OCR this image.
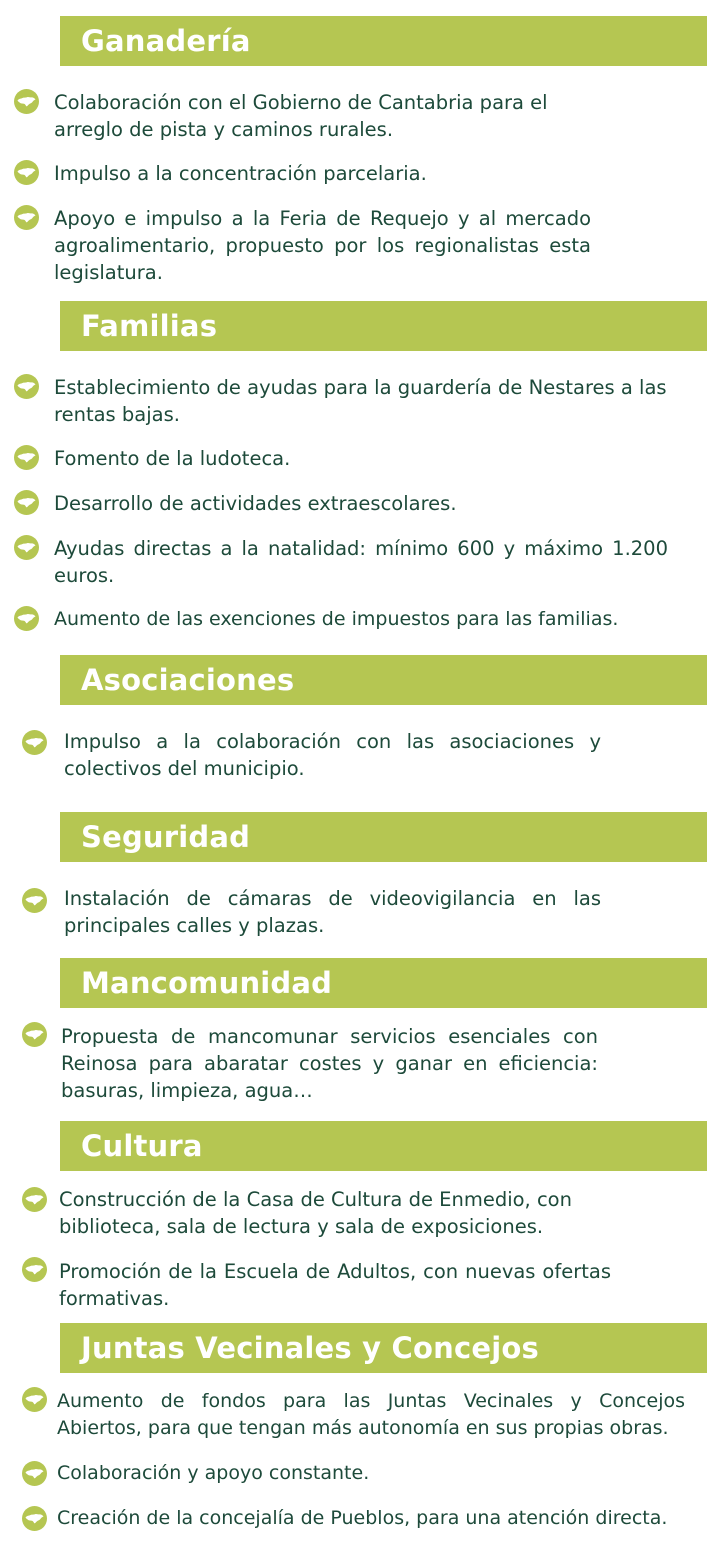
Ganadería
Familias
Asociaciones
Seguridad
Mancomunidad
Cultura
Juntas Vecinales y Concejos
Colaboración con el Gobierno de Cantabria para el arreglo de pista y caminos rurales.
Impulso a la concentración parcelaria.
Apoyo e impulso a la Feria de Requejo y al mercado agroalimentario, propuesto por los regionalistas esta legislatura.
Establecimiento de ayudas para la guardería de Nestares a las rentas bajas.
Fomento de la ludoteca.
Desarrollo de actividades extraescolares.
Ayudas directas a la natalidad: mínimo 600 y máximo 1.200 euros.
Aumento de las exenciones de impuestos para las familias.
Impulso a la colaboración con las asociaciones y colectivos del municipio.
Instalación de cámaras de videovigilancia en las principales calles y plazas.
Propuesta de mancomunar servicios esenciales con Reinosa para abaratar costes y ganar en eficiencia: basuras, limpieza, agua…
Construcción de la Casa de Cultura de Enmedio, con biblioteca, sala de lectura y sala de exposiciones.
Promoción de la Escuela de Adultos, con nuevas ofertas formativas.
Aumento de fondos para las Juntas Vecinales y Concejos Abiertos, para que tengan más autonomía en sus propias obras.
Colaboración y apoyo constante.
Creación de la concejalía de Pueblos, para una atención directa.
